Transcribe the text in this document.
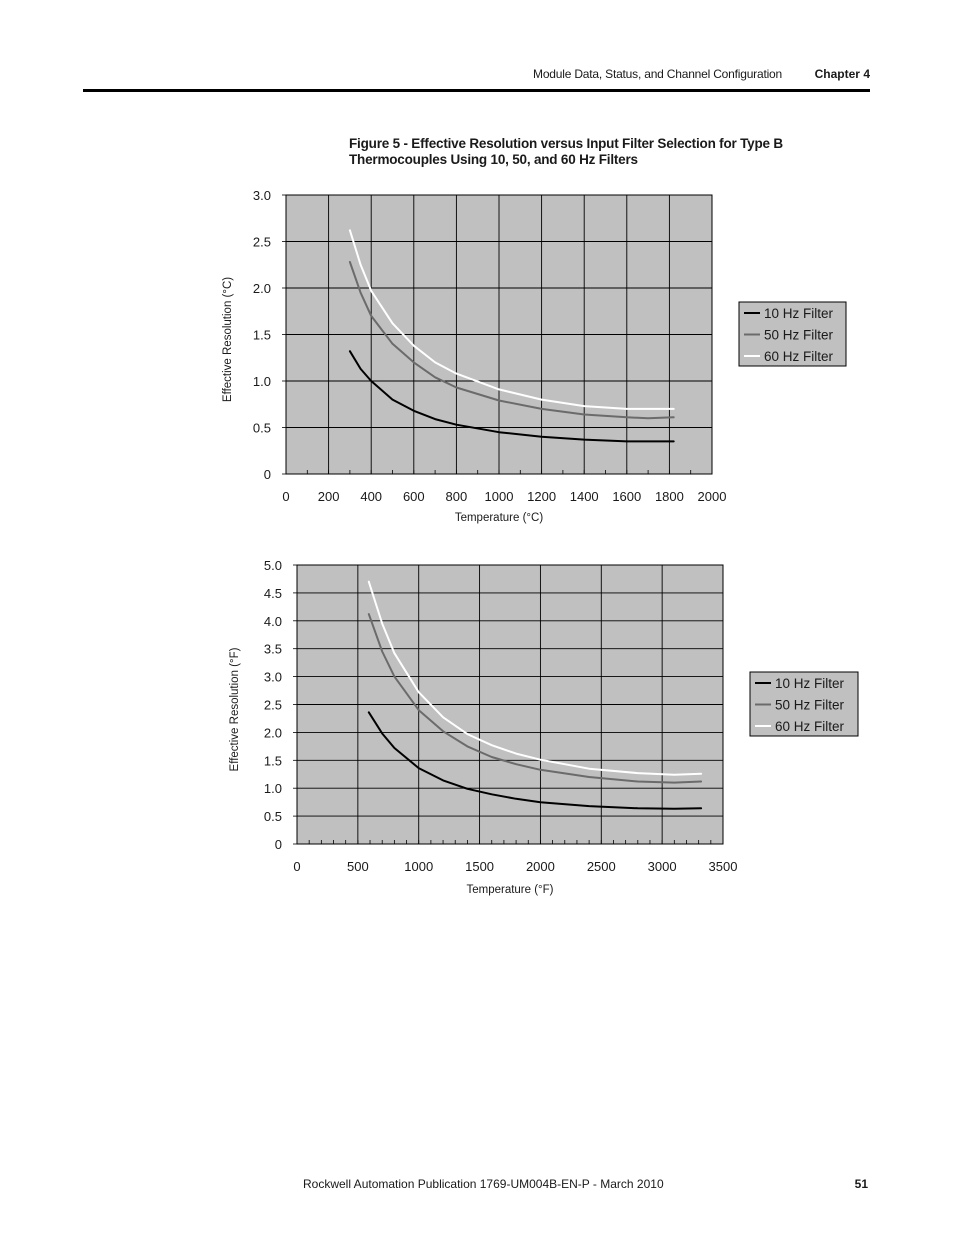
Module Data, Status, and Channel Configuration	Chapter 4
Figure 5 - Effective Resolution versus Input Filter Selection for Type B Thermocouples Using 10, 50, and 60 Hz Filters
0 200 400 600 800 1000 1200 1400 1600 1800 2000
0
0.5
1.0
1.5
2.0
2.5
3.0
Temperature (°C)
Effective Resolution (°C)	10 Hz Filter
50 Hz Filter
60 Hz Filter
0	500	1000 1500 2000 2500 3000 3500
0
0.5
1.0
1.5
2.0
2.5
3.0
3.5
4.0
4.5
5.0
Temperature (°F)
Effective Resolution (°F)	10 Hz Filter
50 Hz Filter
60 Hz Filter
Rockwell Automation Publication 1769-UM004B-EN-P - March 2010	51
